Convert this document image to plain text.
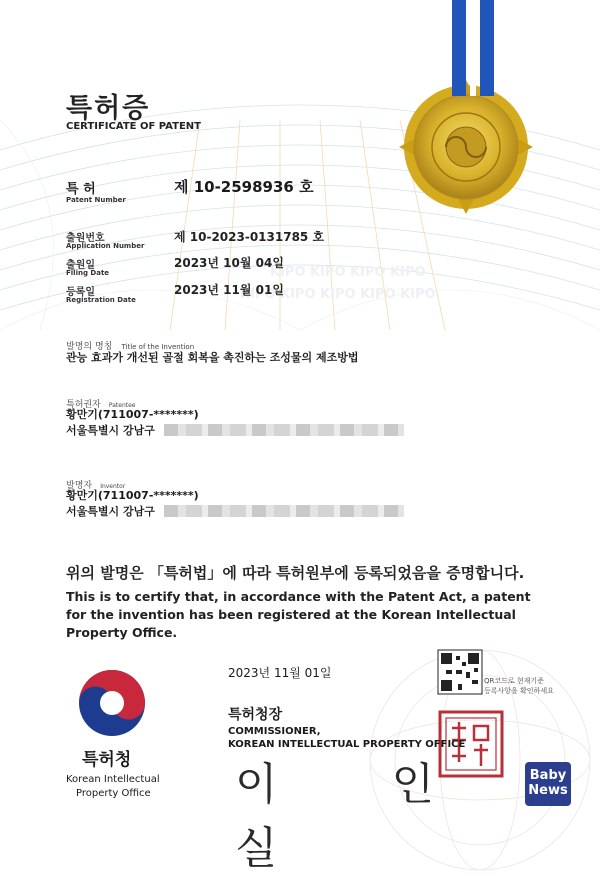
KIPO KIPO KIPO KIPO
KIPO KIPO KIPO KIPO KIPO
특허증
CERTIFICATE OF PATENT
특 허
Patent Number
제 10-2598936 호
출원번호
Application Number
제 10-2023-0131785 호
출원일
Filing Date
2023년 10월 04일
등록일
Registration Date
2023년 11월 01일
발명의 명칭 Title of the Invention
관능 효과가 개선된 골절 회복을 촉진하는 조성물의 제조방법
특허권자 Patentee
황만기(711007-*******)
서울특별시 강남구
발명자 Inventor
황만기(711007-*******)
서울특별시 강남구
위의 발명은 「특허법」에 따라 특허원부에 등록되었음을 증명합니다.
This is to certify that, in accordance with the Patent Act, a patent for the invention has been registered at the Korean Intellectual Property Office.
2023년 11월 01일
QR코드로 현재기준
등록사항을 확인하세요
특허청장
COMMISSIONER,
KOREAN INTELLECTUAL PROPERTY OFFICE
이 인 실
특허청
Korean Intellectual
Property Office
Baby
News
